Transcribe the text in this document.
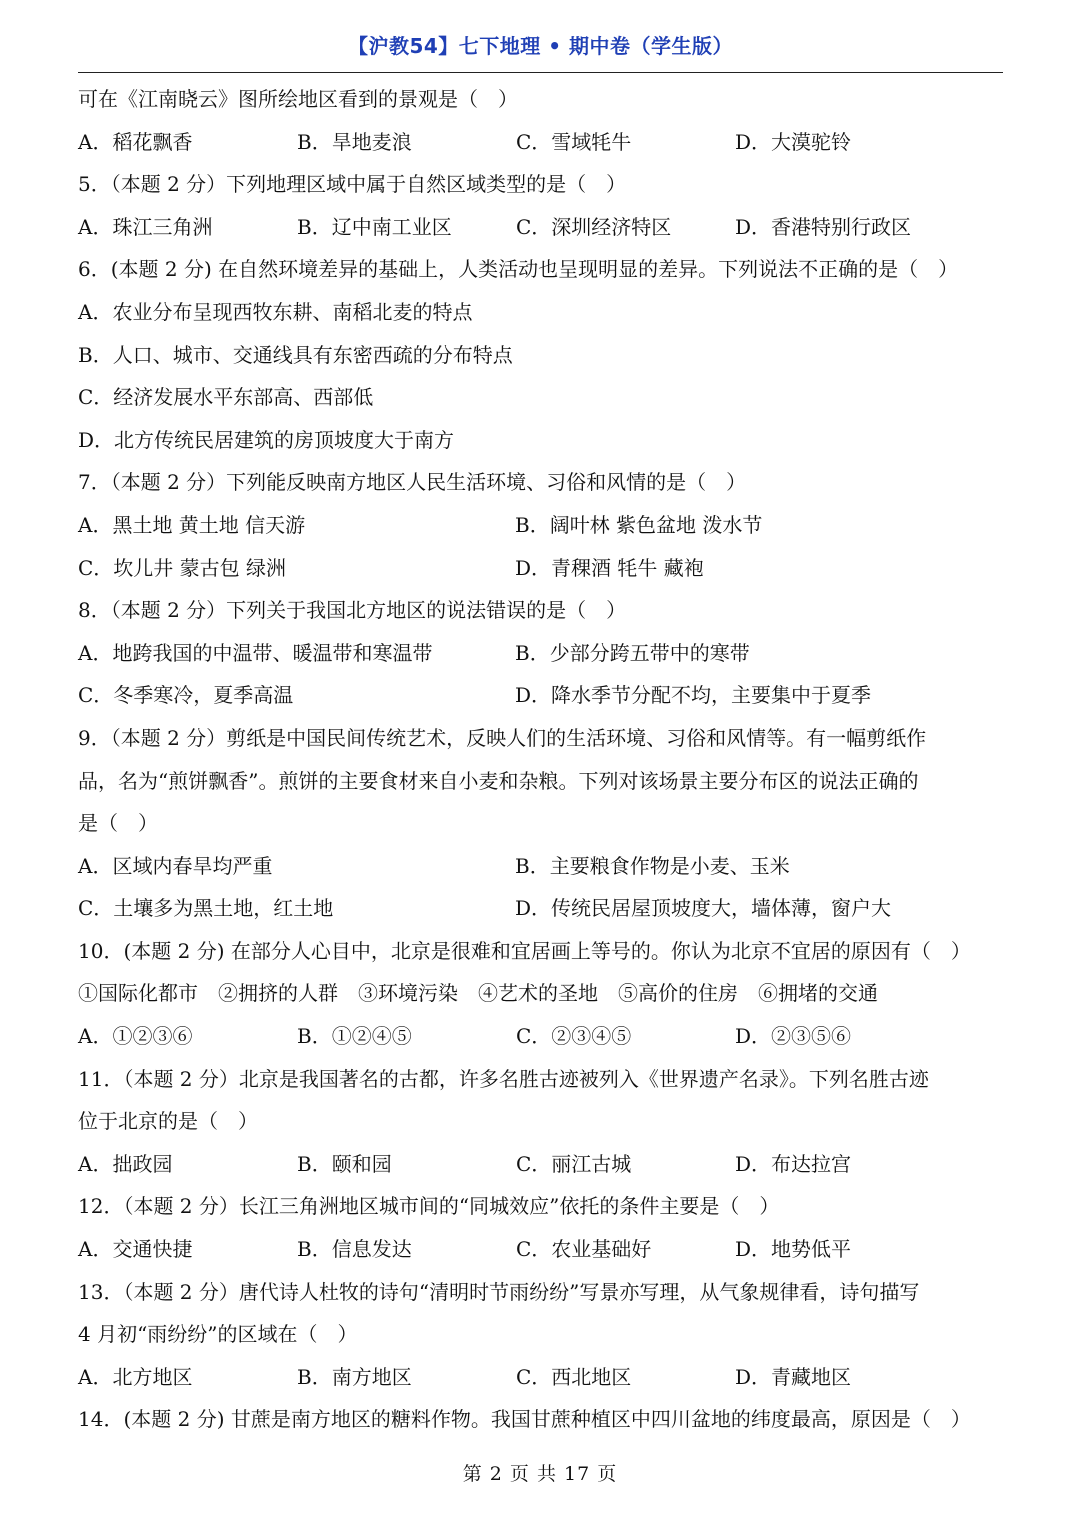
【沪教54】七下地理 • 期中卷（学生版）
可在《江南晓云》图所绘地区看到的景观是（　）
A．稻花飘香	B．旱地麦浪	C．雪域牦牛	D．大漠驼铃
5．（本题 2 分）下列地理区域中属于自然区域类型的是（　）
A．珠江三角洲	B．辽中南工业区	C．深圳经济特区	D．香港特别行政区
6．(本题 2 分) 在自然环境差异的基础上，人类活动也呈现明显的差异。下列说法不正确的是（　）
A．农业分布呈现西牧东耕、南稻北麦的特点
B．人口、城市、交通线具有东密西疏的分布特点
C．经济发展水平东部高、西部低
D．北方传统民居建筑的房顶坡度大于南方
7．（本题 2 分）下列能反映南方地区人民生活环境、习俗和风情的是（　）
A．黑土地 黄土地 信天游	B．阔叶林 紫色盆地 泼水节
C．坎儿井 蒙古包 绿洲	D．青稞酒 牦牛 藏袍
8．（本题 2 分）下列关于我国北方地区的说法错误的是（　）
A．地跨我国的中温带、暖温带和寒温带	B．少部分跨五带中的寒带
C．冬季寒冷，夏季高温	D．降水季节分配不均，主要集中于夏季
9．（本题 2 分）剪纸是中国民间传统艺术，反映人们的生活环境、习俗和风情等。有一幅剪纸作
品，名为“煎饼飘香”。煎饼的主要食材来自小麦和杂粮。下列对该场景主要分布区的说法正确的
是（　）
A．区域内春旱均严重	B．主要粮食作物是小麦、玉米
C．土壤多为黑土地，红土地	D．传统民居屋顶坡度大，墙体薄，窗户大
10．(本题 2 分) 在部分人心目中，北京是很难和宜居画上等号的。你认为北京不宜居的原因有（　）
①国际化都市　②拥挤的人群　③环境污染　④艺术的圣地　⑤高价的住房　⑥拥堵的交通
A．①②③⑥	B．①②④⑤	C．②③④⑤	D．②③⑤⑥
11．（本题 2 分）北京是我国著名的古都，许多名胜古迹被列入《世界遗产名录》。下列名胜古迹
位于北京的是（　）
A．拙政园	B．颐和园	C．丽江古城	D．布达拉宫
12．（本题 2 分）长江三角洲地区城市间的“同城效应”依托的条件主要是（　）
A．交通快捷	B．信息发达	C．农业基础好	D．地势低平
13．（本题 2 分）唐代诗人杜牧的诗句“清明时节雨纷纷”写景亦写理，从气象规律看，诗句描写
4 月初“雨纷纷”的区域在（　）
A．北方地区	B．南方地区	C．西北地区	D．青藏地区
14．(本题 2 分) 甘蔗是南方地区的糖料作物。我国甘蔗种植区中四川盆地的纬度最高，原因是（　）
第 2 页 共 17 页
